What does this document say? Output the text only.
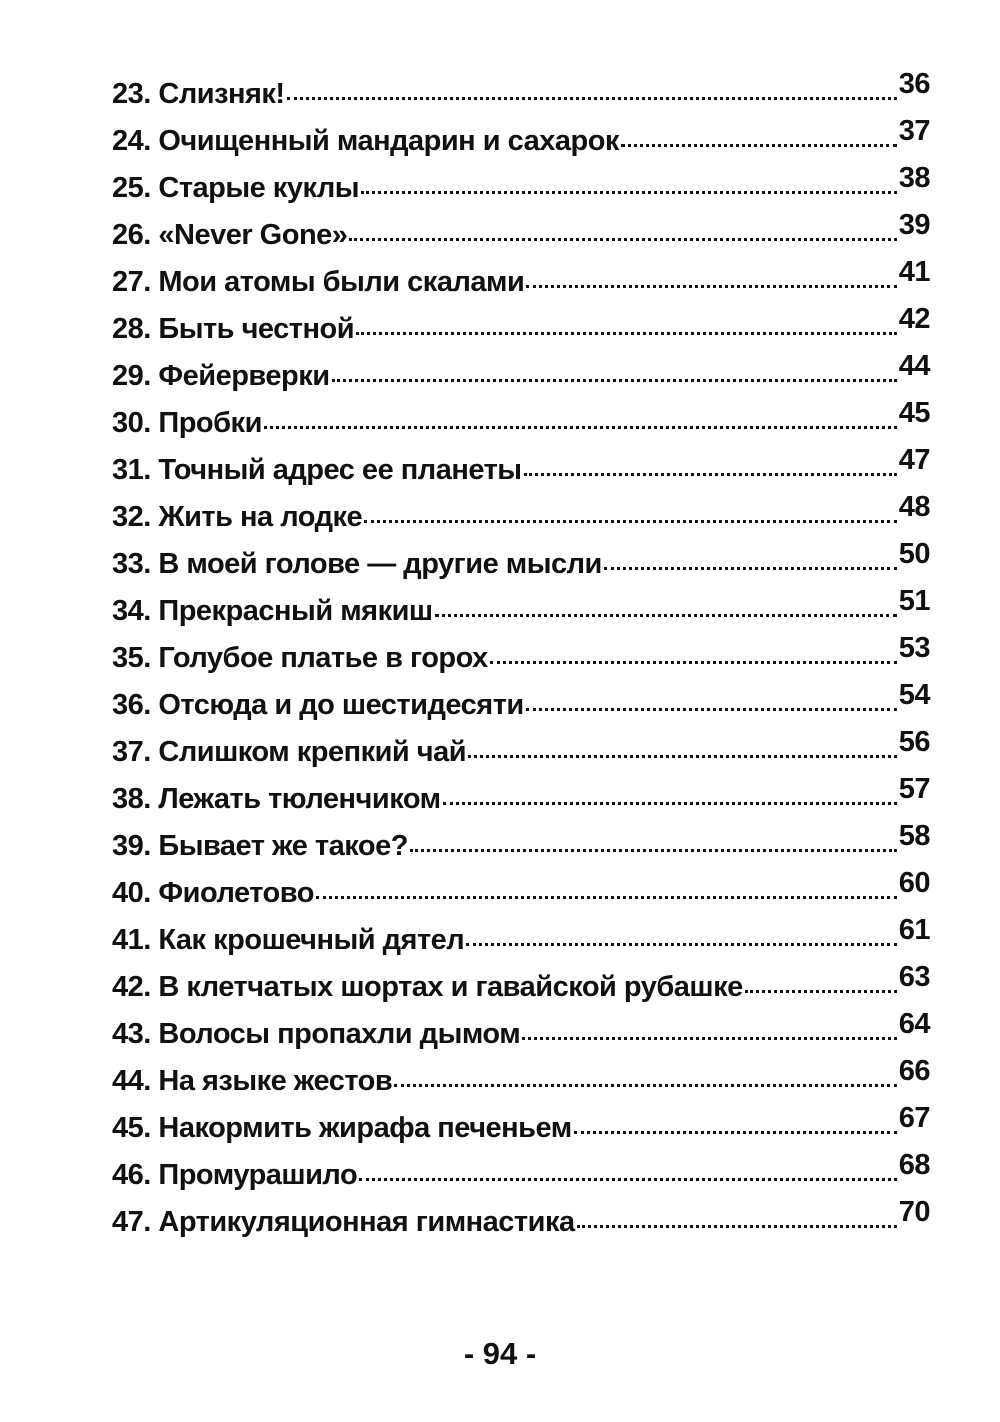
23. Слизняк!	36
24. Очищенный мандарин и сахарок	37
25. Старые куклы	38
26. «Never Gone»	39
27. Мои атомы были скалами	41
28. Быть честной	42
29. Фейерверки	44
30. Пробки	45
31. Точный адрес ее планеты	47
32. Жить на лодке	48
33. В моей голове — другие мысли	50
34. Прекрасный мякиш	51
35. Голубое платье в горох	53
36. Отсюда и до шестидесяти	54
37. Слишком крепкий чай	56
38. Лежать тюленчиком	57
39. Бывает же такое?	58
40. Фиолетово	60
41. Как крошечный дятел	61
42. В клетчатых шортах и гавайской рубашке	63
43. Волосы пропахли дымом	64
44. На языке жестов	66
45. Накормить жирафа печеньем	67
46. Промурашило	68
47. Артикуляционная гимнастика	70
- 94 -
